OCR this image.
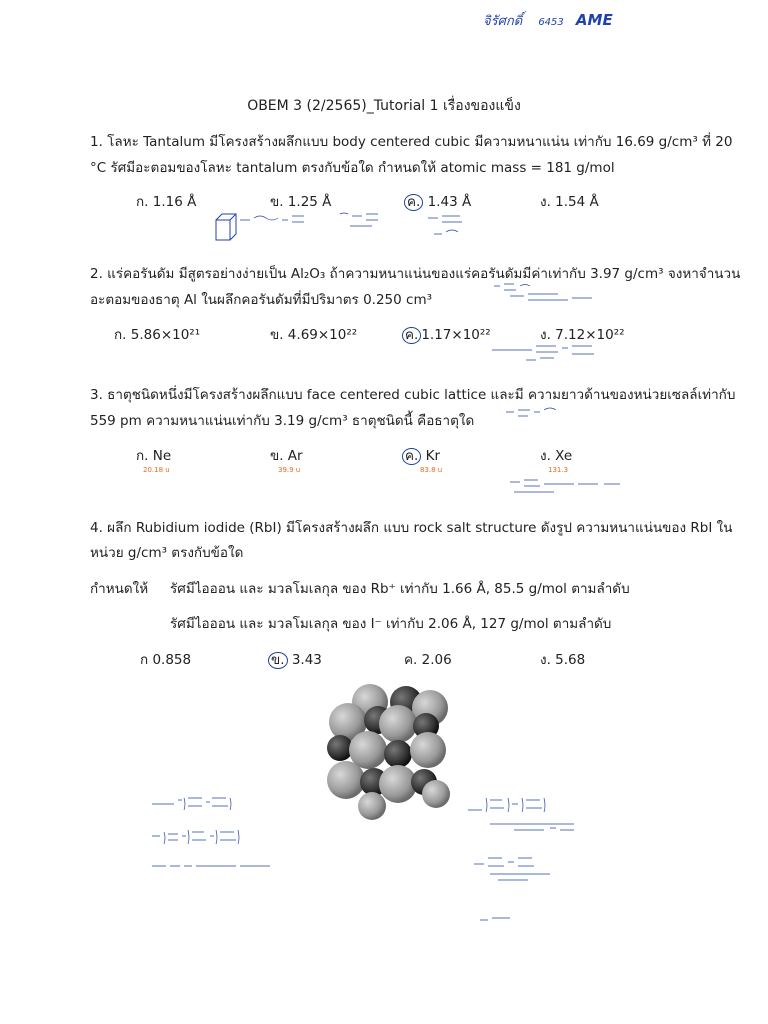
จิรัศกดิ์ 6453 AME
OBEM 3 (2/2565)_Tutorial 1 เรื่องของแข็ง
1. โลหะ Tantalum มีโครงสร้างผลึกแบบ body centered cubic มีความหนาแน่น เท่ากับ 16.69 g/cm³ ที่ 20
°C รัศมีอะตอมของโลหะ tantalum ตรงกับข้อใด กำหนดให้ atomic mass = 181 g/mol
ก. 1.16 Å	ข. 1.25 Å	ค. 1.43 Å	ง. 1.54 Å
2. แร่คอรันดัม มีสูตรอย่างง่ายเป็น Al₂O₃ ถ้าความหนาแน่นของแร่คอรันดัมมีค่าเท่ากับ 3.97 g/cm³ จงหาจำนวน
อะตอมของธาตุ Al ในผลึกคอรันดัมที่มีปริมาตร 0.250 cm³
ก. 5.86×10²¹	ข. 4.69×10²²	ค. 1.17×10²²	ง. 7.12×10²²
3. ธาตุชนิดหนึ่งมีโครงสร้างผลึกแบบ face centered cubic lattice และมี ความยาวด้านของหน่วยเซลล์เท่ากับ
559 pm ความหนาแน่นเท่ากับ 3.19 g/cm³ ธาตุชนิดนี้ คือธาตุใด
ก. Ne	ข. Ar	ค. Kr	ง. Xe
20.18 u	39.9 u	83.8 u	131.3
4. ผลึก Rubidium iodide (RbI) มีโครงสร้างผลึก แบบ rock salt structure ดังรูป ความหนาแน่นของ RbI ใน
หน่วย g/cm³ ตรงกับข้อใด
กำหนดให้ รัศมีไอออน และ มวลโมเลกุล ของ Rb⁺ เท่ากับ 1.66 Å, 85.5 g/mol ตามลำดับ
รัศมีไอออน และ มวลโมเลกุล ของ I⁻ เท่ากับ 2.06 Å, 127 g/mol ตามลำดับ
ก 0.858	ข. 3.43	ค. 2.06	ง. 5.68
